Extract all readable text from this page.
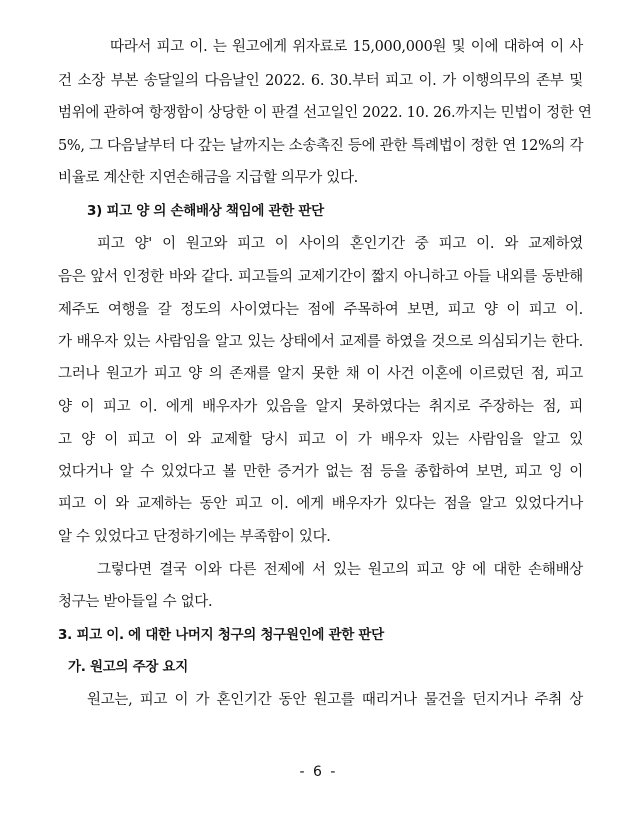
따라서 피고 이. 는 원고에게 위자료로 15,000,000원 및 이에 대하여 이 사
건 소장 부본 송달일의 다음날인 2022. 6. 30.부터 피고 이. 가 이행의무의 존부 및
범위에 관하여 항쟁함이 상당한 이 판결 선고일인 2022. 10. 26.까지는 민법이 정한 연
5%, 그 다음날부터 다 갚는 날까지는 소송촉진 등에 관한 특례법이 정한 연 12%의 각
비율로 계산한 지연손해금을 지급할 의무가 있다.
3) 피고 양 의 손해배상 책임에 관한 판단
피고 양' 이 원고와 피고 이 사이의 혼인기간 중 피고 이. 와 교제하였
음은 앞서 인정한 바와 같다. 피고들의 교제기간이 짧지 아니하고 아들 내외를 동반해
제주도 여행을 갈 정도의 사이였다는 점에 주목하여 보면, 피고 양 이 피고 이.
가 배우자 있는 사람임을 알고 있는 상태에서 교제를 하였을 것으로 의심되기는 한다.
그러나 원고가 피고 양 의 존재를 알지 못한 채 이 사건 이혼에 이르렀던 점, 피고
양 이 피고 이. 에게 배우자가 있음을 알지 못하였다는 취지로 주장하는 점, 피
고 양 이 피고 이 와 교제할 당시 피고 이 가 배우자 있는 사람임을 알고 있
었다거나 알 수 있었다고 볼 만한 증거가 없는 점 등을 종합하여 보면, 피고 잉 이
피고 이 와 교제하는 동안 피고 이. 에게 배우자가 있다는 점을 알고 있었다거나
알 수 있었다고 단정하기에는 부족함이 있다.
그렇다면 결국 이와 다른 전제에 서 있는 원고의 피고 양 에 대한 손해배상
청구는 받아들일 수 없다.
3. 피고 이. 에 대한 나머지 청구의 청구원인에 관한 판단
가. 원고의 주장 요지
원고는, 피고 이 가 혼인기간 동안 원고를 때리거나 물건을 던지거나 주취 상
- 6 -
